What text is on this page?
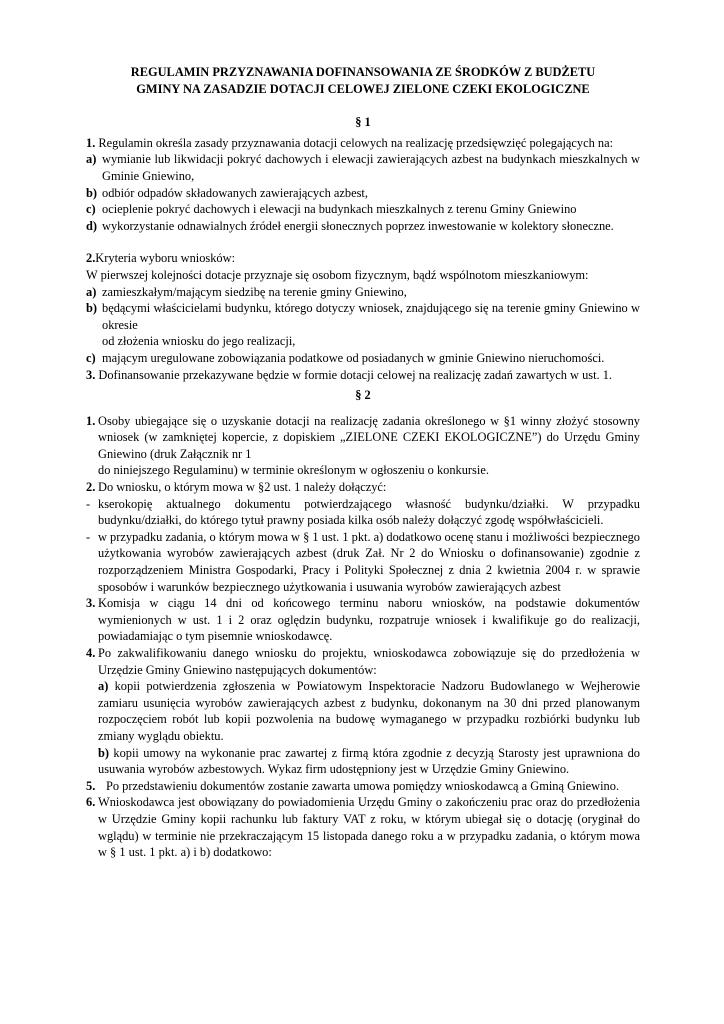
REGULAMIN PRZYZNAWANIA DOFINANSOWANIA ZE ŚRODKÓW Z BUDŻETU

GMINY NA ZASADZIE DOTACJI CELOWEJ ZIELONE CZEKI EKOLOGICZNE

§ 1

1. Regulamin określa zasady przyznawania dotacji celowych na realizację przedsięwzięć polegających na:

a) wymianie lub likwidacji pokryć dachowych i elewacji zawierających azbest na budynkach mieszkalnych w Gminie Gniewino,
b) odbiór odpadów składowanych zawierających azbest,
c) ocieplenie pokryć dachowych i elewacji na budynkach mieszkalnych z terenu Gminy Gniewino
d) wykorzystanie odnawialnych źródeł energii słonecznych poprzez inwestowanie w kolektory słoneczne.

2.Kryteria wyboru wniosków:

W pierwszej kolejności dotacje przyznaje się osobom fizycznym, bądź wspólnotom mieszkaniowym:

a) zamieszkałym/mającym siedzibę na terenie gminy Gniewino,
b) będącymi właścicielami budynku, którego dotyczy wniosek, znajdującego się na terenie gminy Gniewino w okresie
od złożenia wniosku do jego realizacji,
c) mającym uregulowane zobowiązania podatkowe od posiadanych w gminie Gniewino nieruchomości.

3. Dofinansowanie przekazywane będzie w formie dotacji celowej na realizację zadań zawartych w ust. 1.

§ 2

1. Osoby ubiegające się o uzyskanie dotacji na realizację zadania określonego w §1 winny złożyć stosowny wniosek (w zamkniętej kopercie, z dopiskiem „ZIELONE CZEKI EKOLOGICZNE”) do Urzędu Gminy Gniewino (druk Załącznik nr 1

do niniejszego Regulaminu) w terminie określonym w ogłoszeniu o konkursie.

2. Do wniosku, o którym mowa w §2 ust. 1 należy dołączyć:
- kserokopię aktualnego dokumentu potwierdzającego własność budynku/działki. W przypadku budynku/działki, do którego tytuł prawny posiada kilka osób należy dołączyć zgodę współwłaścicieli.
- w przypadku zadania, o którym mowa w § 1 ust. 1 pkt. a) dodatkowo ocenę stanu i możliwości bezpiecznego użytkowania wyrobów zawierających azbest (druk Zał. Nr 2 do Wniosku o dofinansowanie) zgodnie z rozporządzeniem Ministra Gospodarki, Pracy i Polityki Społecznej z dnia 2 kwietnia 2004 r. w sprawie sposobów i warunków bezpiecznego użytkowania i usuwania wyrobów zawierających azbest
3. Komisja w ciągu 14 dni od końcowego terminu naboru wniosków, na podstawie dokumentów wymienionych w ust. 1 i 2 oraz oględzin budynku, rozpatruje wniosek i kwalifikuje go do realizacji, powiadamiając o tym pisemnie wnioskodawcę.
4. Po zakwalifikowaniu danego wniosku do projektu, wnioskodawca zobowiązuje się do przedłożenia w Urzędzie Gminy Gniewino następujących dokumentów:

a) kopii potwierdzenia zgłoszenia w Powiatowym Inspektoracie Nadzoru Budowlanego w Wejherowie zamiaru usunięcia wyrobów zawierających azbest z budynku, dokonanym na 30 dni przed planowanym rozpoczęciem robót lub kopii pozwolenia na budowę wymaganego w przypadku rozbiórki budynku lub zmiany wyglądu obiektu.

b) kopii umowy na wykonanie prac zawartej z firmą która zgodnie z decyzją Starosty jest uprawniona do usuwania wyrobów azbestowych. Wykaz firm udostępniony jest w Urzędzie Gminy Gniewino.

5. Po przedstawieniu dokumentów zostanie zawarta umowa pomiędzy wnioskodawcą a Gminą Gniewino.
6. Wnioskodawca jest obowiązany do powiadomienia Urzędu Gminy o zakończeniu prac oraz do przedłożenia w Urzędzie Gminy kopii rachunku lub faktury VAT z roku, w którym ubiegał się o dotację (oryginał do wglądu) w terminie nie przekraczającym 15 listopada danego roku a w przypadku zadania, o którym mowa w § 1 ust. 1 pkt. a) i b) dodatkowo:
